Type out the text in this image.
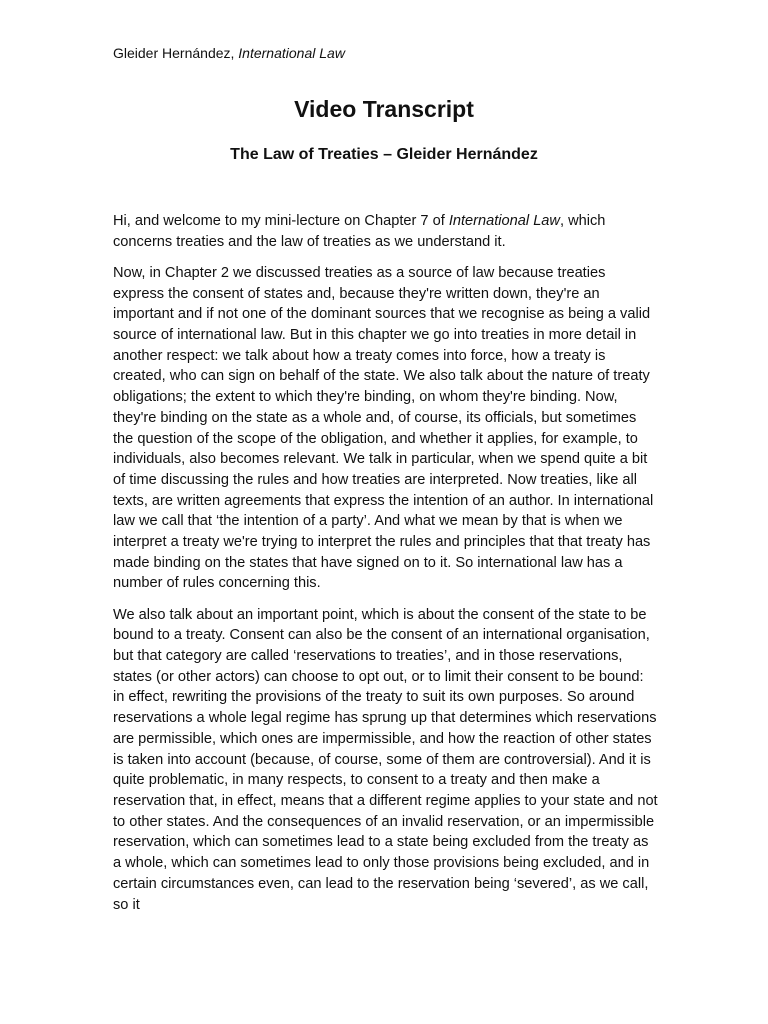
Gleider Hernández, International Law
Video Transcript
The Law of Treaties – Gleider Hernández

Hi, and welcome to my mini-lecture on Chapter 7 of International Law, which concerns treaties and the law of treaties as we understand it.

Now, in Chapter 2 we discussed treaties as a source of law because treaties express the consent of states and, because they're written down, they're an important and if not one of the dominant sources that we recognise as being a valid source of international law. But in this chapter we go into treaties in more detail in another respect: we talk about how a treaty comes into force, how a treaty is created, who can sign on behalf of the state. We also talk about the nature of treaty obligations; the extent to which they're binding, on whom they're binding. Now, they're binding on the state as a whole and, of course, its officials, but sometimes the question of the scope of the obligation, and whether it applies, for example, to individuals, also becomes relevant. We talk in particular, when we spend quite a bit of time discussing the rules and how treaties are interpreted. Now treaties, like all texts, are written agreements that express the intention of an author. In international law we call that ‘the intention of a party’. And what we mean by that is when we interpret a treaty we're trying to interpret the rules and principles that that treaty has made binding on the states that have signed on to it. So international law has a number of rules concerning this.

We also talk about an important point, which is about the consent of the state to be bound to a treaty. Consent can also be the consent of an international organisation, but that category are called ‘reservations to treaties’, and in those reservations, states (or other actors) can choose to opt out, or to limit their consent to be bound: in effect, rewriting the provisions of the treaty to suit its own purposes. So around reservations a whole legal regime has sprung up that determines which reservations are permissible, which ones are impermissible, and how the reaction of other states is taken into account (because, of course, some of them are controversial). And it is quite problematic, in many respects, to consent to a treaty and then make a reservation that, in effect, means that a different regime applies to your state and not to other states. And the consequences of an invalid reservation, or an impermissible reservation, which can sometimes lead to a state being excluded from the treaty as a whole, which can sometimes lead to only those provisions being excluded, and in certain circumstances even, can lead to the reservation being ‘severed’, as we call, so it
